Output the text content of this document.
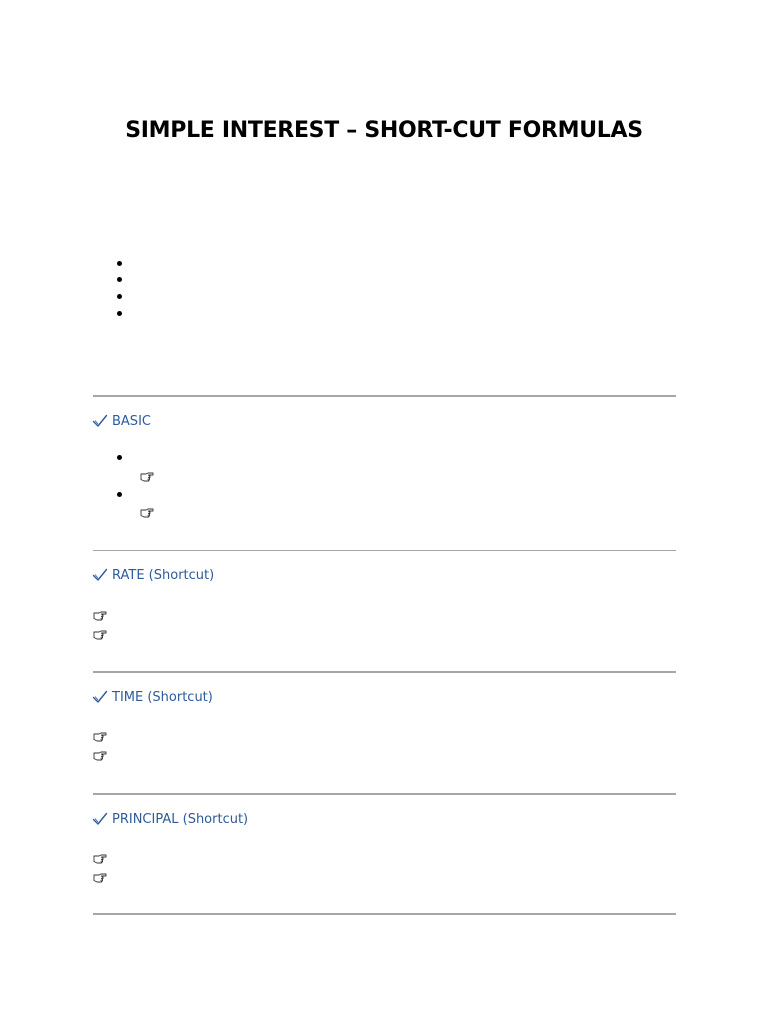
SIMPLE INTEREST – SHORT-CUT FORMULAS
BASIC
RATE (Shortcut)
TIME (Shortcut)
PRINCIPAL (Shortcut)
